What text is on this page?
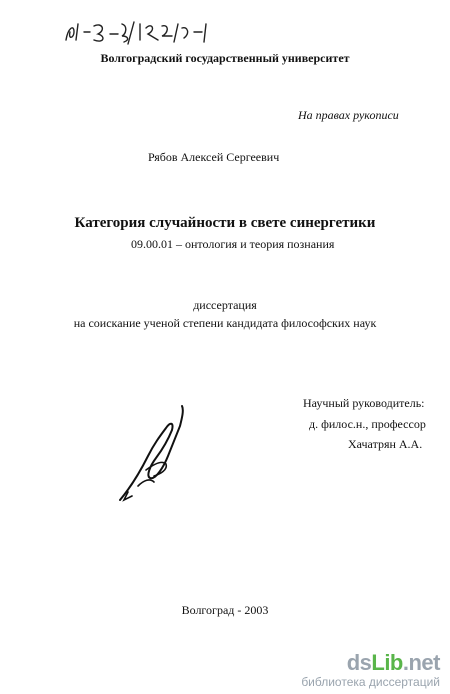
Волгоградский государственный университет
На правах рукописи
Рябов Алексей Сергеевич
Категория случайности в свете синергетики
09.00.01 – онтология и теория познания
диссертация
на соискание ученой степени кандидата философских наук
Научный руководитель:
д. филос.н., профессор
Хачатрян А.А.
Волгоград - 2003
dsLib.net
библиотека диссертаций
